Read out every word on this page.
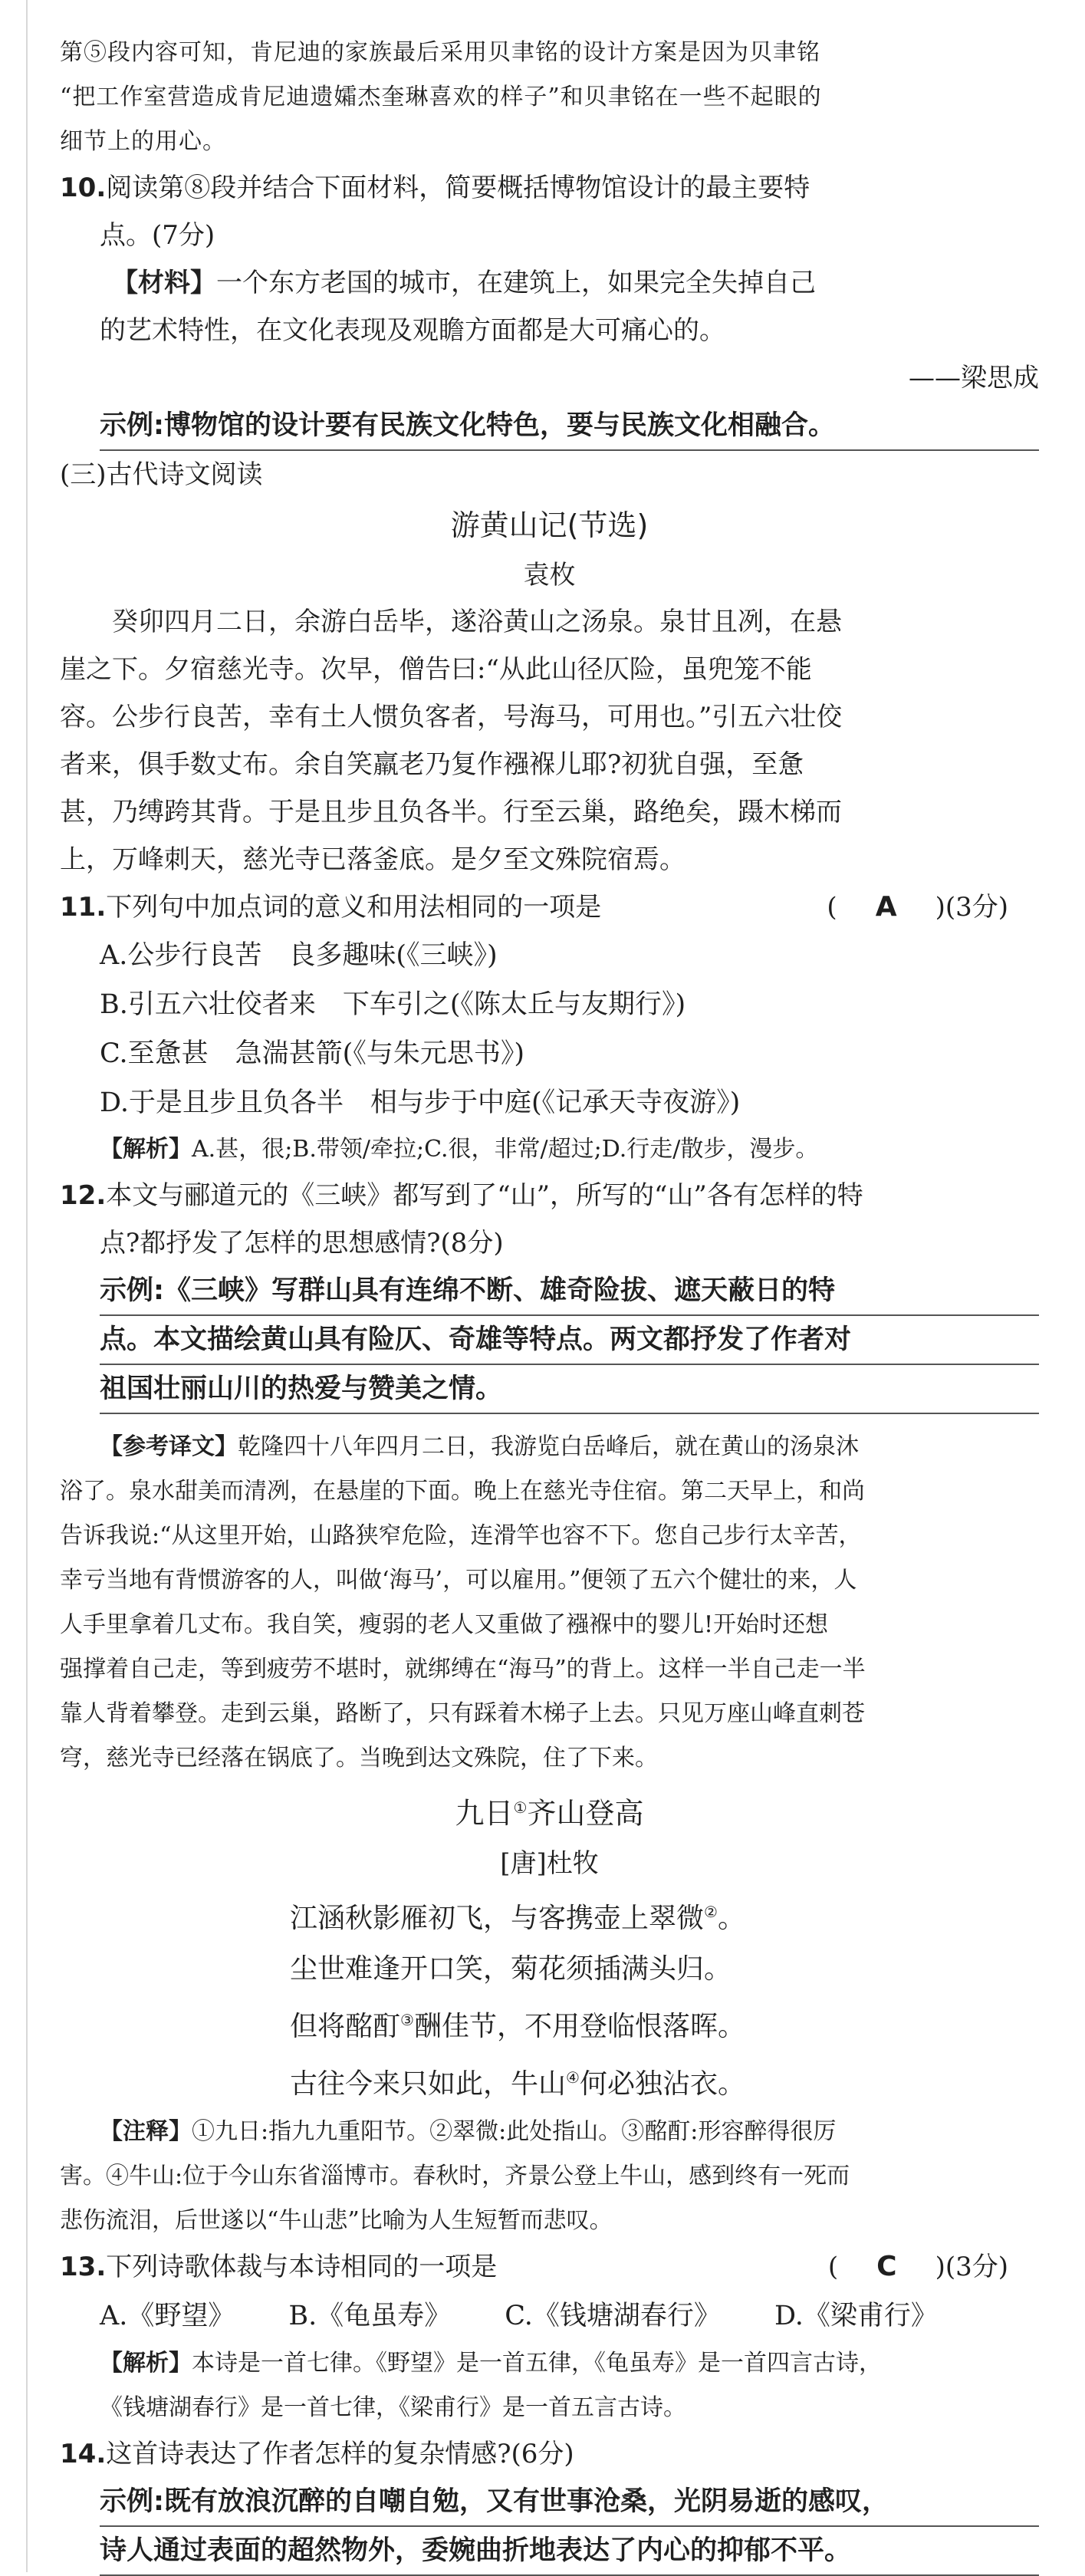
第⑤段内容可知，肯尼迪的家族最后采用贝聿铭的设计方案是因为贝聿铭
“把工作室营造成肯尼迪遗孀杰奎琳喜欢的样子”和贝聿铭在一些不起眼的
细节上的用心。
10.阅读第⑧段并结合下面材料，简要概括博物馆设计的最主要特
点。(7分)
【材料】一个东方老国的城市，在建筑上，如果完全失掉自己
的艺术特性，在文化表现及观瞻方面都是大可痛心的。
——梁思成
示例:博物馆的设计要有民族文化特色，要与民族文化相融合。
(三)古代诗文阅读
游黄山记(节选)
袁枚
癸卯四月二日，余游白岳毕，遂浴黄山之汤泉。泉甘且冽，在悬
崖之下。夕宿慈光寺。次早，僧告曰:“从此山径仄险，虽兜笼不能
容。公步行良苦，幸有土人惯负客者，号海马，可用也。”引五六壮佼
者来，俱手数丈布。余自笑羸老乃复作襁褓儿耶?初犹自强，至惫
甚，乃缚跨其背。于是且步且负各半。行至云巢，路绝矣，蹑木梯而
上，万峰刺天，慈光寺已落釜底。是夕至文殊院宿焉。
11.下列句中加点词的意义和用法相同的一项是	( A )(3分)
A.公步行良苦　良多趣味(《三峡》)
B.引五六壮佼者来　下车引之(《陈太丘与友期行》)
C.至惫甚　急湍甚箭(《与朱元思书》)
D.于是且步且负各半　相与步于中庭(《记承天寺夜游》)
【解析】A.甚，很;B.带领/牵拉;C.很，非常/超过;D.行走/散步，漫步。
12.本文与郦道元的《三峡》都写到了“山”，所写的“山”各有怎样的特
点?都抒发了怎样的思想感情?(8分)
示例:《三峡》写群山具有连绵不断、雄奇险拔、遮天蔽日的特
点。本文描绘黄山具有险仄、奇雄等特点。两文都抒发了作者对
祖国壮丽山川的热爱与赞美之情。
【参考译文】乾隆四十八年四月二日，我游览白岳峰后，就在黄山的汤泉沐
浴了。泉水甜美而清冽，在悬崖的下面。晚上在慈光寺住宿。第二天早上，和尚
告诉我说:“从这里开始，山路狭窄危险，连滑竿也容不下。您自己步行太辛苦，
幸亏当地有背惯游客的人，叫做‘海马’，可以雇用。”便领了五六个健壮的来，人
人手里拿着几丈布。我自笑，瘦弱的老人又重做了襁褓中的婴儿!开始时还想
强撑着自己走，等到疲劳不堪时，就绑缚在“海马”的背上。这样一半自己走一半
靠人背着攀登。走到云巢，路断了，只有踩着木梯子上去。只见万座山峰直刺苍
穹，慈光寺已经落在锅底了。当晚到达文殊院，住了下来。
九日①齐山登高
[唐]杜牧
江涵秋影雁初飞，与客携壶上翠微②。
尘世难逢开口笑，菊花须插满头归。
但将酩酊③酬佳节，不用登临恨落晖。
古往今来只如此，牛山④何必独沾衣。
【注释】①九日:指九九重阳节。②翠微:此处指山。③酩酊:形容醉得很厉
害。④牛山:位于今山东省淄博市。春秋时，齐景公登上牛山，感到终有一死而
悲伤流泪，后世遂以“牛山悲”比喻为人生短暂而悲叹。
13.下列诗歌体裁与本诗相同的一项是	( C )(3分)
A.《野望》 B.《龟虽寿》 C.《钱塘湖春行》 D.《梁甫行》
【解析】本诗是一首七律。《野望》是一首五律，《龟虽寿》是一首四言古诗，
《钱塘湖春行》是一首七律，《梁甫行》是一首五言古诗。
14.这首诗表达了作者怎样的复杂情感?(6分)
示例:既有放浪沉醉的自嘲自勉，又有世事沧桑，光阴易逝的感叹，
诗人通过表面的超然物外，委婉曲折地表达了内心的抑郁不平。
